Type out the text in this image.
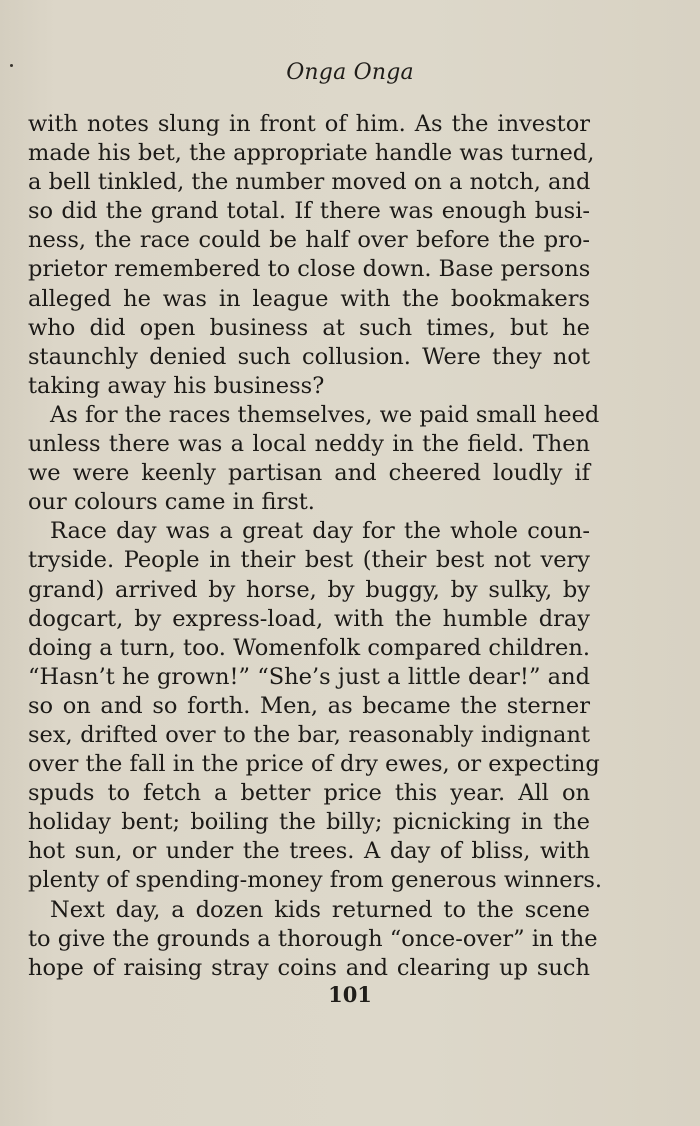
Onga Onga
with notes slung in front of him. As the investor
made his bet, the appropriate handle was turned,
a bell tinkled, the number moved on a notch, and
so did the grand total. If there was enough busi-
ness, the race could be half over before the pro-
prietor remembered to close down. Base persons
alleged he was in league with the bookmakers
who did open business at such times, but he
staunchly denied such collusion. Were they not
taking away his business?
As for the races themselves, we paid small heed
unless there was a local neddy in the field. Then
we were keenly partisan and cheered loudly if
our colours came in first.
Race day was a great day for the whole coun-
tryside. People in their best (their best not very
grand) arrived by horse, by buggy, by sulky, by
dogcart, by express-load, with the humble dray
doing a turn, too. Womenfolk compared children.
“Hasn’t he grown!” “She’s just a little dear!” and
so on and so forth. Men, as became the sterner
sex, drifted over to the bar, reasonably indignant
over the fall in the price of dry ewes, or expecting
spuds to fetch a better price this year. All on
holiday bent; boiling the billy; picnicking in the
hot sun, or under the trees. A day of bliss, with
plenty of spending-money from generous winners.
Next day, a dozen kids returned to the scene
to give the grounds a thorough “once-over” in the
hope of raising stray coins and clearing up such
101
